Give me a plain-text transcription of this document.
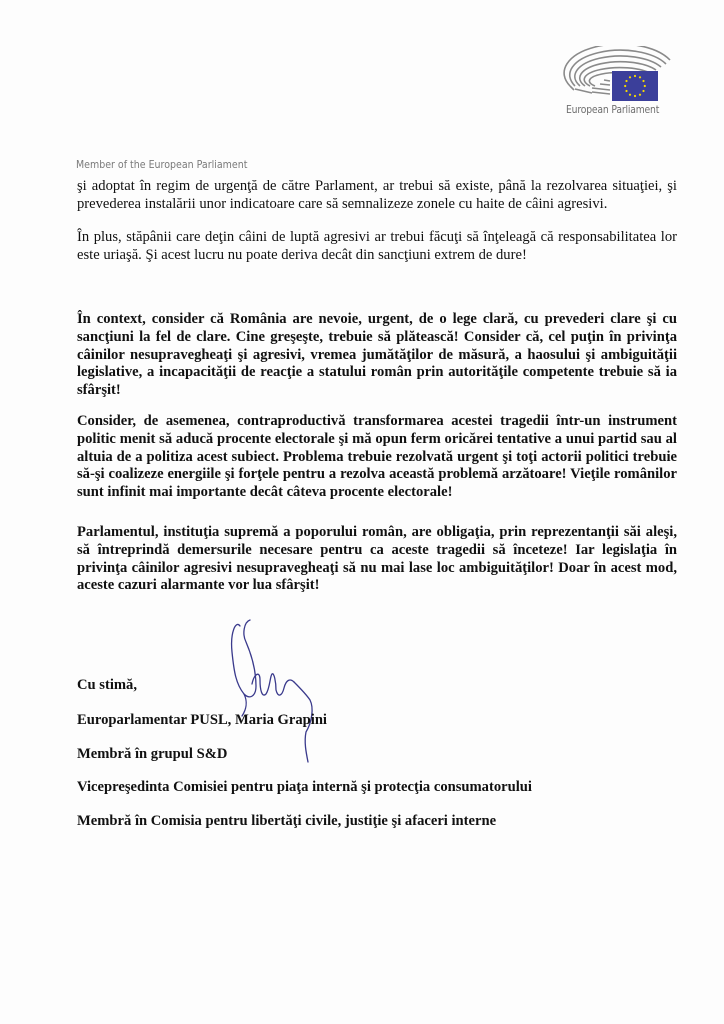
European Parliament
Member of the European Parliament

şi adoptat în regim de urgenţă de către Parlament, ar trebui să existe, până la rezolvarea situaţiei, şi prevederea instalării unor indicatoare care să semnalizeze zonele cu haite de câini agresivi.

În plus, stăpânii care deţin câini de luptă agresivi ar trebui făcuţi să înţeleagă că responsabilitatea lor este uriaşă. Şi acest lucru nu poate deriva decât din sancţiuni extrem de dure!

În context, consider că România are nevoie, urgent, de o lege clară, cu prevederi clare şi cu sancţiuni la fel de clare. Cine greşeşte, trebuie să plătească! Consider că, cel puţin în privinţa câinilor nesupravegheaţi şi agresivi, vremea jumătăţilor de măsură, a haosului şi ambiguităţii legislative, a incapacităţii de reacţie a statului român prin autorităţile competente trebuie să ia sfârşit!

Consider, de asemenea, contraproductivă transformarea acestei tragedii într-un instrument politic menit să aducă procente electorale şi mă opun ferm oricărei tentative a unui partid sau al altuia de a politiza acest subiect. Problema trebuie rezolvată urgent şi toţi actorii politici trebuie să-şi coalizeze energiile şi forţele pentru a rezolva această problemă arzătoare! Vieţile românilor sunt infinit mai importante decât câteva procente electorale!

Parlamentul, instituţia supremă a poporului român, are obligaţia, prin reprezentanţii săi aleşi, să întreprindă demersurile necesare pentru ca aceste tragedii să înceteze! Iar legislaţia în privinţa câinilor agresivi nesupravegheaţi să nu mai lase loc ambiguităţilor! Doar în acest mod, aceste cazuri alarmante vor lua sfârşit!

Cu stimă,
Europarlamentar PUSL, Maria Grapini
Membră în grupul S&D
Vicepreşedinta Comisiei pentru piaţa internă şi protecţia consumatorului
Membră în Comisia pentru libertăţi civile, justiţie şi afaceri interne
